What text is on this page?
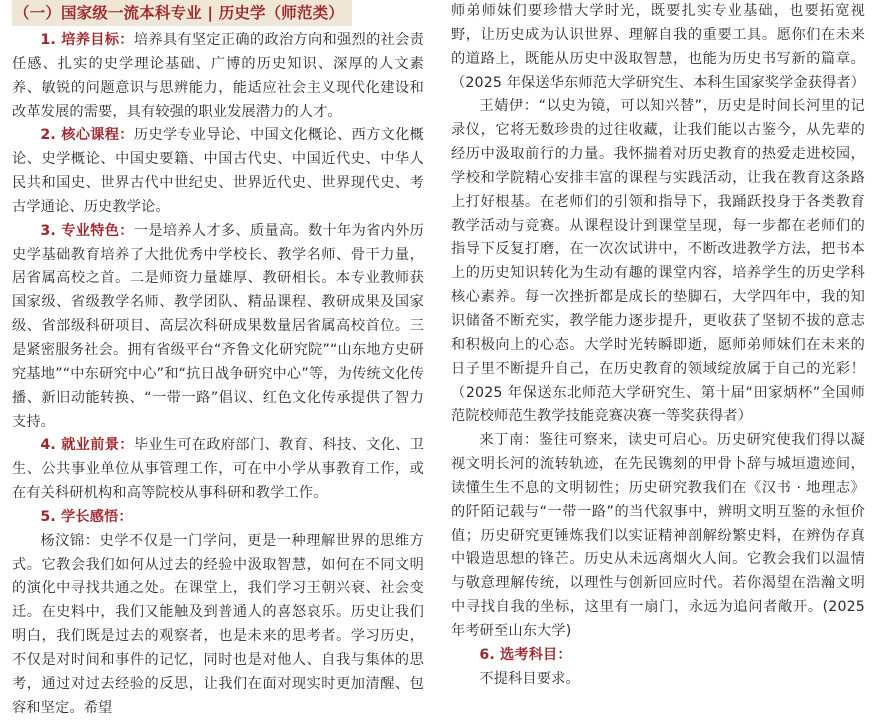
（一）国家级一流本科专业 | 历史学（师范类）

1. 培养目标：培养具有坚定正确的政治方向和强烈的社会责任感、扎实的史学理论基础、广博的历史知识、深厚的人文素养、敏锐的问题意识与思辨能力，能适应社会主义现代化建设和改革发展的需要，具有较强的职业发展潜力的人才。

2. 核心课程：历史学专业导论、中国文化概论、西方文化概论、史学概论、中国史要籍、中国古代史、中国近代史、中华人民共和国史、世界古代中世纪史、世界近代史、世界现代史、考古学通论、历史教学论。

3. 专业特色：一是培养人才多、质量高。数十年为省内外历史学基础教育培养了大批优秀中学校长、教学名师、骨干力量，居省属高校之首。二是师资力量雄厚、教研相长。本专业教师获国家级、省级教学名师、教学团队、精品课程、教研成果及国家级、省部级科研项目、高层次科研成果数量居省属高校首位。三是紧密服务社会。拥有省级平台“齐鲁文化研究院”“山东地方史研究基地”“中东研究中心”和“抗日战争研究中心”等，为传统文化传播、新旧动能转换、“一带一路”倡议、红色文化传承提供了智力支持。

4. 就业前景：毕业生可在政府部门、教育、科技、文化、卫生、公共事业单位从事管理工作，可在中小学从事教育工作，或在有关科研机构和高等院校从事科研和教学工作。

5. 学长感悟：

杨汶锦：史学不仅是一门学问，更是一种理解世界的思维方式。它教会我们如何从过去的经验中汲取智慧，如何在不同文明的演化中寻找共通之处。在课堂上，我们学习王朝兴衰、社会变迁。在史料中，我们又能触及到普通人的喜怒哀乐。历史让我们明白，我们既是过去的观察者，也是未来的思考者。学习历史，不仅是对时间和事件的记忆，同时也是对他人、自我与集体的思考，通过对过去经验的反思，让我们在面对现实时更加清醒、包容和坚定。希望

师弟师妹们要珍惜大学时光，既要扎实专业基础，也要拓宽视野，让历史成为认识世界、理解自我的重要工具。愿你们在未来的道路上，既能从历史中汲取智慧，也能为历史书写新的篇章。（2025 年保送华东师范大学研究生、本科生国家奖学金获得者）

王婧伊：“以史为镜，可以知兴替”，历史是时间长河里的记录仪，它将无数珍贵的过往收藏，让我们能以古鉴今，从先辈的经历中汲取前行的力量。我怀揣着对历史教育的热爱走进校园，学校和学院精心安排丰富的课程与实践活动，让我在教育这条路上打好根基。在老师们的引领和指导下，我踊跃投身于各类教育教学活动与竞赛。从课程设计到课堂呈现，每一步都在老师们的指导下反复打磨，在一次次试讲中，不断改进教学方法，把书本上的历史知识转化为生动有趣的课堂内容，培养学生的历史学科核心素养。每一次挫折都是成长的垫脚石，大学四年中，我的知识储备不断充实，教学能力逐步提升，更收获了坚韧不拔的意志和积极向上的心态。大学时光转瞬即逝，愿师弟师妹们在未来的日子里不断提升自己，在历史教育的领域绽放属于自己的光彩！（2025 年保送东北师范大学研究生、第十届“田家炳杯”全国师范院校师范生教学技能竞赛决赛一等奖获得者）

来丁南：鉴往可察来，读史可启心。历史研究使我们得以凝视文明长河的流转轨迹，在先民镌刻的甲骨卜辞与城垣遗迹间，读懂生生不息的文明韧性；历史研究教我们在《汉书 · 地理志》的阡陌记载与“一带一路”的当代叙事中，辨明文明互鉴的永恒价值；历史研究更锤炼我们以实证精神剖解纷繁史料，在辨伪存真中锻造思想的锋芒。历史从未远离烟火人间。它教会我们以温情与敬意理解传统，以理性与创新回应时代。若你渴望在浩瀚文明中寻找自我的坐标，这里有一扇门，永远为追问者敞开。(2025 年考研至山东大学)

6. 选考科目：

不提科目要求。
